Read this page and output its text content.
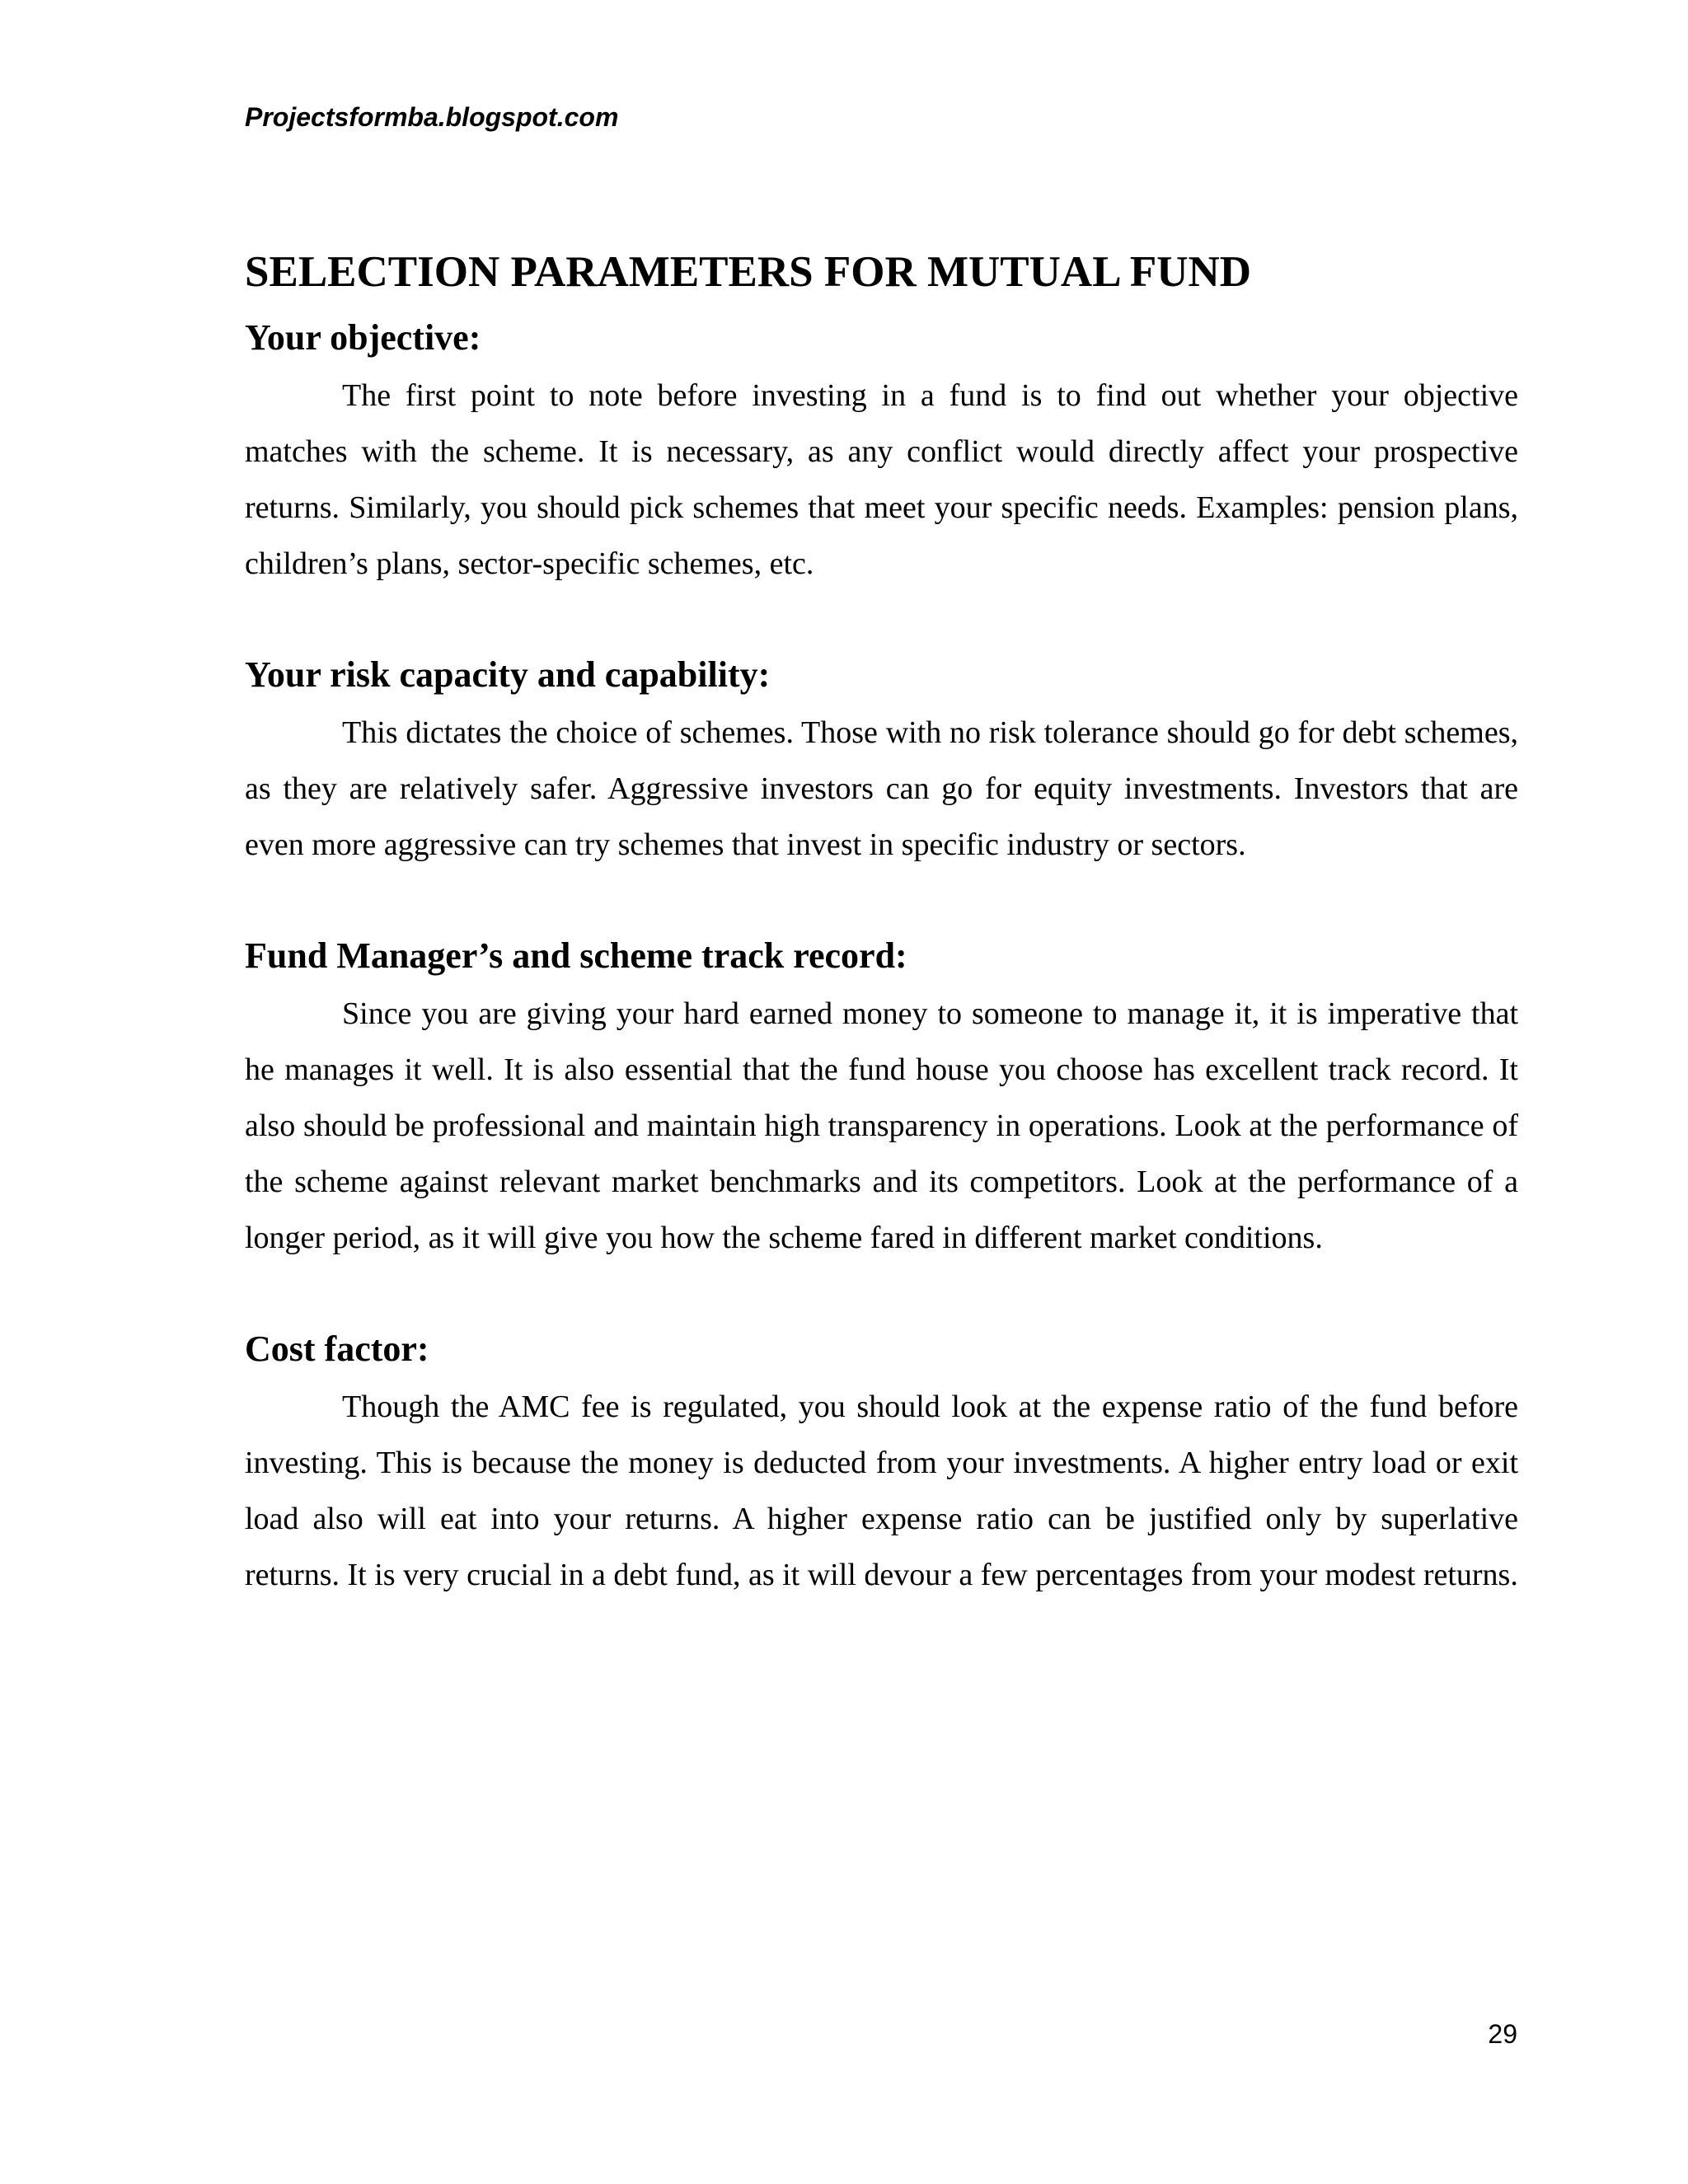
Projectsformba.blogspot.com
SELECTION PARAMETERS FOR MUTUAL FUND
Your objective:

The first point to note before investing in a fund is to find out whether your objective matches with the scheme. It is necessary, as any conflict would directly affect your prospective returns. Similarly, you should pick schemes that meet your specific needs. Examples: pension plans, children’s plans, sector-specific schemes, etc.

Your risk capacity and capability:

This dictates the choice of schemes. Those with no risk tolerance should go for debt schemes, as they are relatively safer. Aggressive investors can go for equity investments. Investors that are even more aggressive can try schemes that invest in specific industry or sectors.

Fund Manager’s and scheme track record:

Since you are giving your hard earned money to someone to manage it, it is imperative that he manages it well. It is also essential that the fund house you choose has excellent track record. It also should be professional and maintain high transparency in operations. Look at the performance of the scheme against relevant market benchmarks and its competitors. Look at the performance of a longer period, as it will give you how the scheme fared in different market conditions.

Cost factor:

Though the AMC fee is regulated, you should look at the expense ratio of the fund before investing. This is because the money is deducted from your investments. A higher entry load or exit load also will eat into your returns. A higher expense ratio can be justified only by superlative returns. It is very crucial in a debt fund, as it will devour a few percentages from your modest returns.

29
